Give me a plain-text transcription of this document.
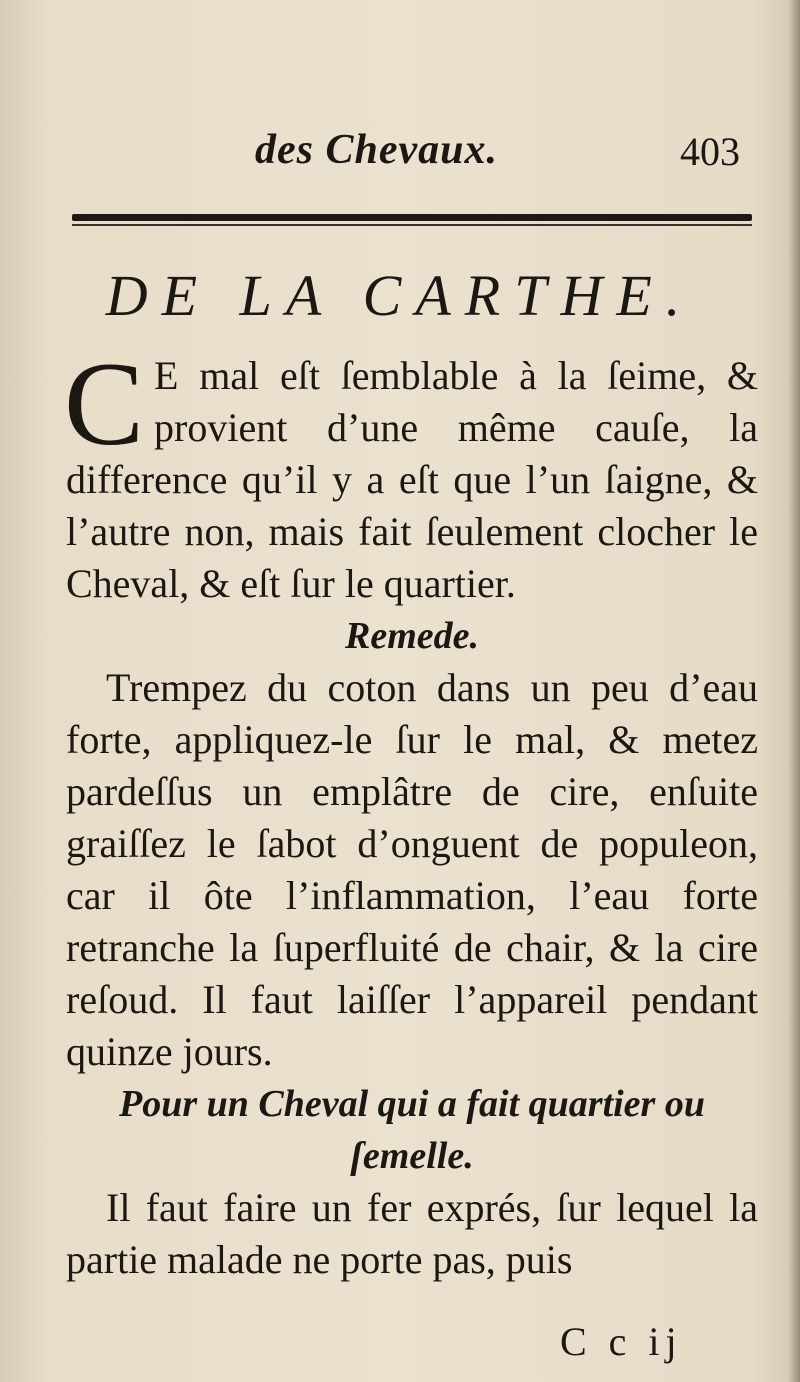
des Chevaux.	403
DE LA CARTHE.

C E mal eſt ſemblable à la ſeime, & provient d’une même cauſe, la difference qu’il y a eſt que l’un ſaigne, & l’autre non, mais fait ſeulement clocher le Cheval, & eſt ſur le quartier.

Remede.

Trempez du coton dans un peu d’eau forte, appliquez-le ſur le mal, & metez pardeſſus un emplâtre de cire, enſuite graiſſez le ſabot d’onguent de populeon, car il ôte l’inflammation, l’eau forte retranche la ſuperfluité de chair, & la cire reſoud. Il faut laiſſer l’appareil pendant quinze jours.

Pour un Cheval qui a fait quartier ou ſemelle.

Il faut faire un fer exprés, ſur lequel la partie malade ne porte pas, puis

C c ij
